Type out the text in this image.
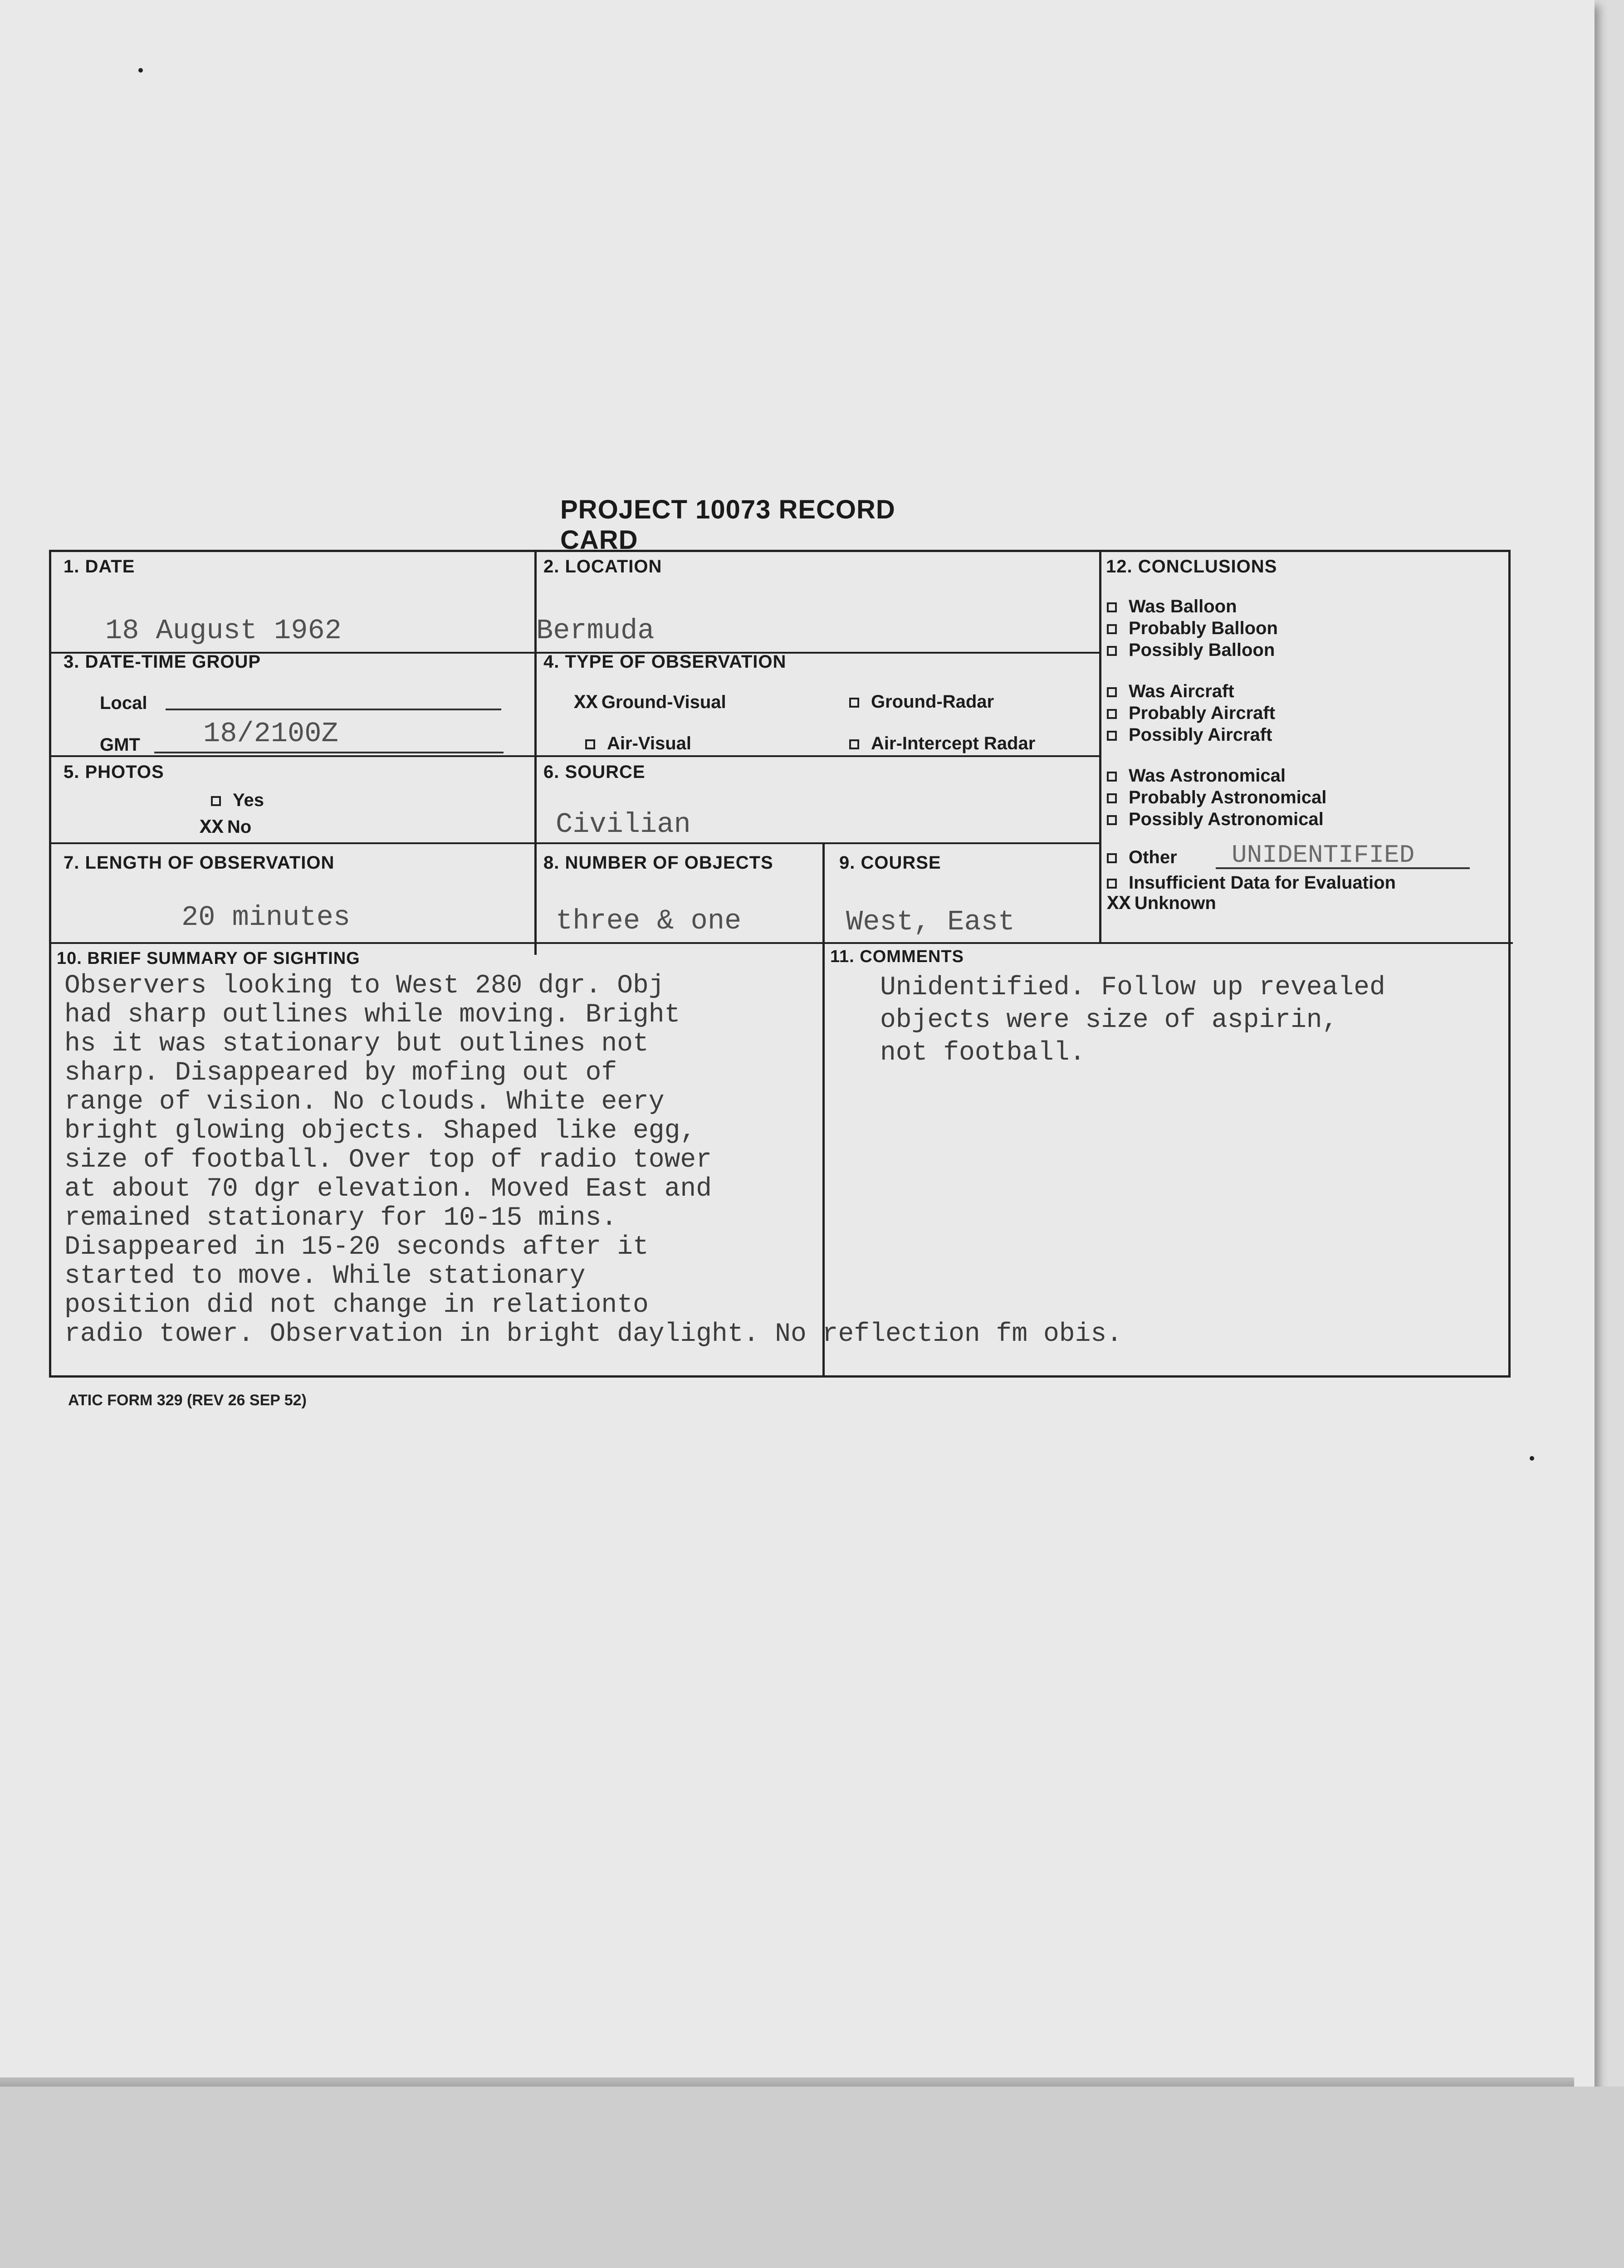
PROJECT 10073 RECORD CARD
1. DATE
18 August 1962
2. LOCATION
Bermuda
3. DATE-TIME GROUP
Local
GMT 18/2100Z
4. TYPE OF OBSERVATION
XX Ground-Visual	Ground-Radar
Air-Visual	Air-Intercept Radar
5. PHOTOS
Yes
XX No
6. SOURCE
Civilian
7. LENGTH OF OBSERVATION
20 minutes
8. NUMBER OF OBJECTS
three & one
9. COURSE
West, East
10. BRIEF SUMMARY OF SIGHTING
Observers looking to West 280 dgr. Obj
had sharp outlines while moving. Bright
hs it was stationary but outlines not
sharp. Disappeared by mofing out of
range of vision. No clouds. White eery
bright glowing objects. Shaped like egg,
size of football. Over top of radio tower
at about 70 dgr elevation. Moved East and
remained stationary for 10-15 mins.
Disappeared in 15-20 seconds after it
started to move. While stationary
position did not change in relationto
radio tower. Observation in bright daylight. No reflection fm obis.
11. COMMENTS
Unidentified. Follow up revealed
objects were size of aspirin,
not football.
12. CONCLUSIONS
Was Balloon
Probably Balloon
Possibly Balloon
Was Aircraft
Probably Aircraft
Possibly Aircraft
Was Astronomical
Probably Astronomical
Possibly Astronomical
Other UNIDENTIFIED
Insufficient Data for Evaluation
XX Unknown
ATIC FORM 329 (REV 26 SEP 52)
